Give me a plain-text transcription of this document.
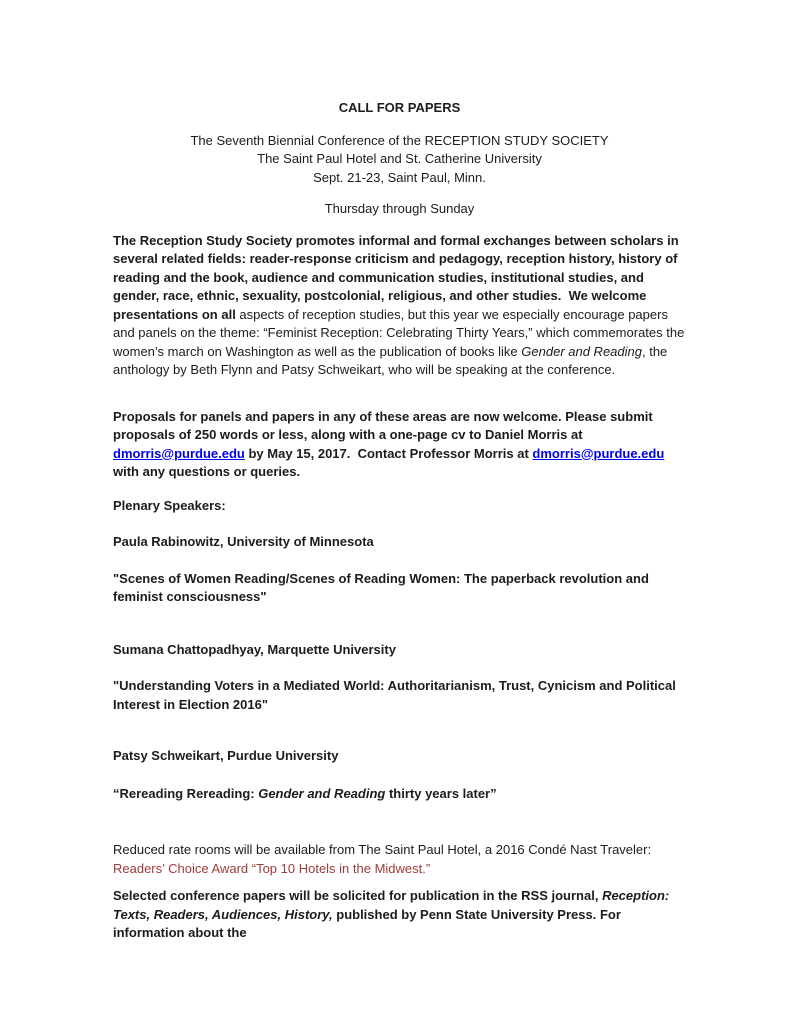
CALL FOR PAPERS

The Seventh Biennial Conference of the RECEPTION STUDY SOCIETY

The Saint Paul Hotel and St. Catherine University

Sept. 21-23, Saint Paul, Minn.

Thursday through Sunday

The Reception Study Society promotes informal and formal exchanges between scholars in several related fields: reader-response criticism and pedagogy, reception history, history of reading and the book, audience and communication studies, institutional studies, and gender, race, ethnic, sexuality, postcolonial, religious, and other studies.  We welcome presentations on all aspects of reception studies, but this year we especially encourage papers and panels on the theme: “Feminist Reception: Celebrating Thirty Years,” which commemorates the women’s march on Washington as well as the publication of books like Gender and Reading, the anthology by Beth Flynn and Patsy Schweikart, who will be speaking at the conference.

Proposals for panels and papers in any of these areas are now welcome. Please submit proposals of 250 words or less, along with a one-page cv to Daniel Morris at dmorris@purdue.edu by May 15, 2017.  Contact Professor Morris at dmorris@purdue.edu with any questions or queries.

Plenary Speakers:

Paula Rabinowitz, University of Minnesota

"Scenes of Women Reading/Scenes of Reading Women: The paperback revolution and feminist consciousness"

Sumana Chattopadhyay, Marquette University

"Understanding Voters in a Mediated World: Authoritarianism, Trust, Cynicism and Political Interest in Election 2016"

Patsy Schweikart, Purdue University

“Rereading Rereading: Gender and Reading thirty years later”

Reduced rate rooms will be available from The Saint Paul Hotel, a 2016 Condé Nast Traveler: Readers’ Choice Award “Top 10 Hotels in the Midwest.”

Selected conference papers will be solicited for publication in the RSS journal, Reception: Texts, Readers, Audiences, History, published by Penn State University Press. For information about the
